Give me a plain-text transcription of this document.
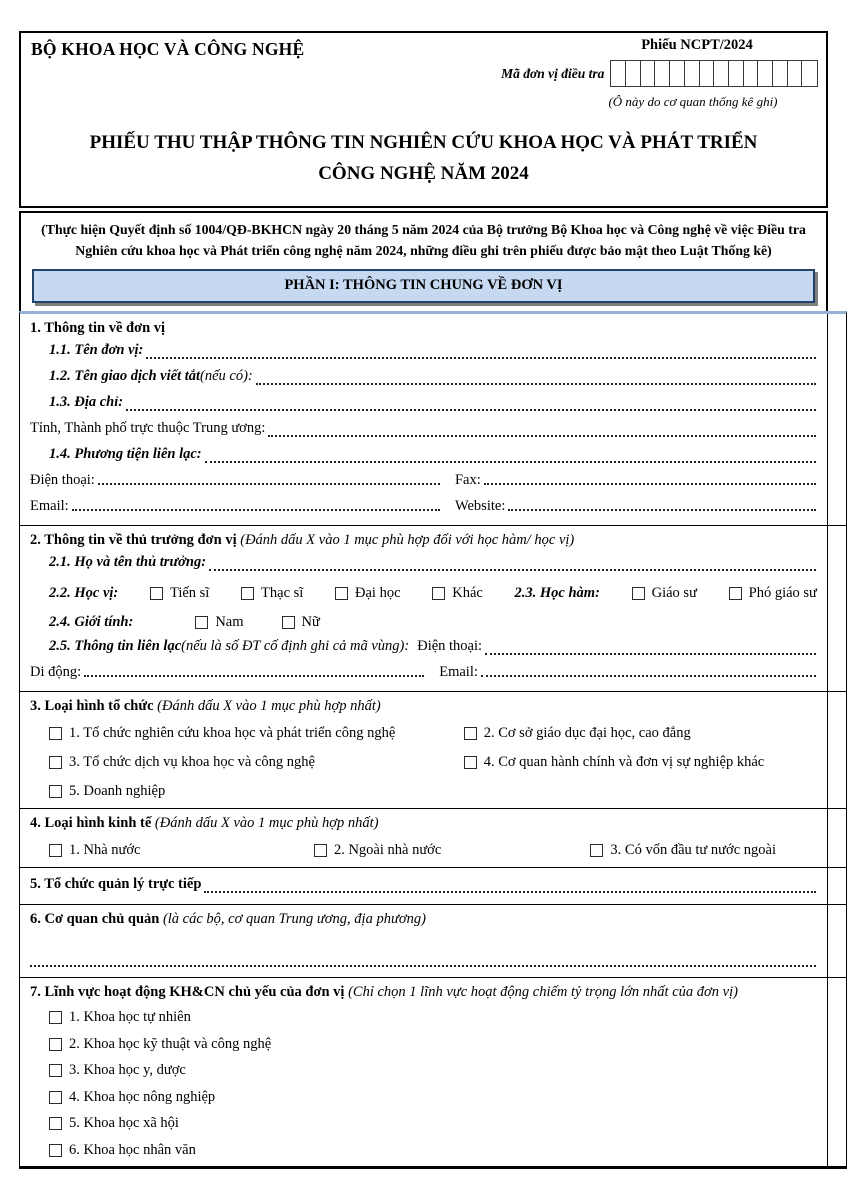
BỘ KHOA HỌC VÀ CÔNG NGHỆ	Phiếu NCPT/2024
Mã đơn vị điều tra
(Ô này do cơ quan thống kê ghi)
PHIẾU THU THẬP THÔNG TIN NGHIÊN CỨU KHOA HỌC VÀ PHÁT TRIỂN
CÔNG NGHỆ NĂM 2024
(Thực hiện Quyết định số 1004/QĐ-BKHCN ngày 20 tháng 5 năm 2024 của Bộ trưởng Bộ Khoa học và Công nghệ về việc Điều tra Nghiên cứu khoa học và Phát triển công nghệ năm 2024, những điều ghi trên phiếu được bảo mật theo Luật Thống kê)
PHẦN I: THÔNG TIN CHUNG VỀ ĐƠN VỊ
1. Thông tin về đơn vị
1.1. Tên đơn vị:
1.2. Tên giao dịch viết tắt (nếu có):
1.3. Địa chỉ:
Tỉnh, Thành phố trực thuộc Trung ương:
1.4. Phương tiện liên lạc:
Điện thoại:	Fax:
Email:	Website:
2. Thông tin về thủ trưởng đơn vị (Đánh dấu X vào 1 mục phù hợp đối với học hàm/ học vị)
2.1. Họ và tên thủ trưởng:
2.2. Học vị:	Tiến sĩ	Thạc sĩ	Đại học	Khác 2.3. Học hàm:	Giáo sư	Phó giáo sư
2.4. Giới tính:	Nam	Nữ
2.5. Thông tin liên lạc (nếu là số ĐT cố định ghi cả mã vùng): Điện thoại:
Di động:	Email:
3. Loại hình tổ chức (Đánh dấu X vào 1 mục phù hợp nhất)
1. Tổ chức nghiên cứu khoa học và phát triển công nghệ	2. Cơ sở giáo dục đại học, cao đẳng
3. Tổ chức dịch vụ khoa học và công nghệ	4. Cơ quan hành chính và đơn vị sự nghiệp khác
5. Doanh nghiệp
4. Loại hình kinh tế (Đánh dấu X vào 1 mục phù hợp nhất)
1. Nhà nước	2. Ngoài nhà nước	3. Có vốn đầu tư nước ngoài
5. Tổ chức quản lý trực tiếp
6. Cơ quan chủ quản (là các bộ, cơ quan Trung ương, địa phương)
7. Lĩnh vực hoạt động KH&CN chủ yếu của đơn vị (Chỉ chọn 1 lĩnh vực hoạt động chiếm tỷ trọng lớn nhất của đơn vị)
1. Khoa học tự nhiên
2. Khoa học kỹ thuật và công nghệ
3. Khoa học y, dược
4. Khoa học nông nghiệp
5. Khoa học xã hội
6. Khoa học nhân văn
